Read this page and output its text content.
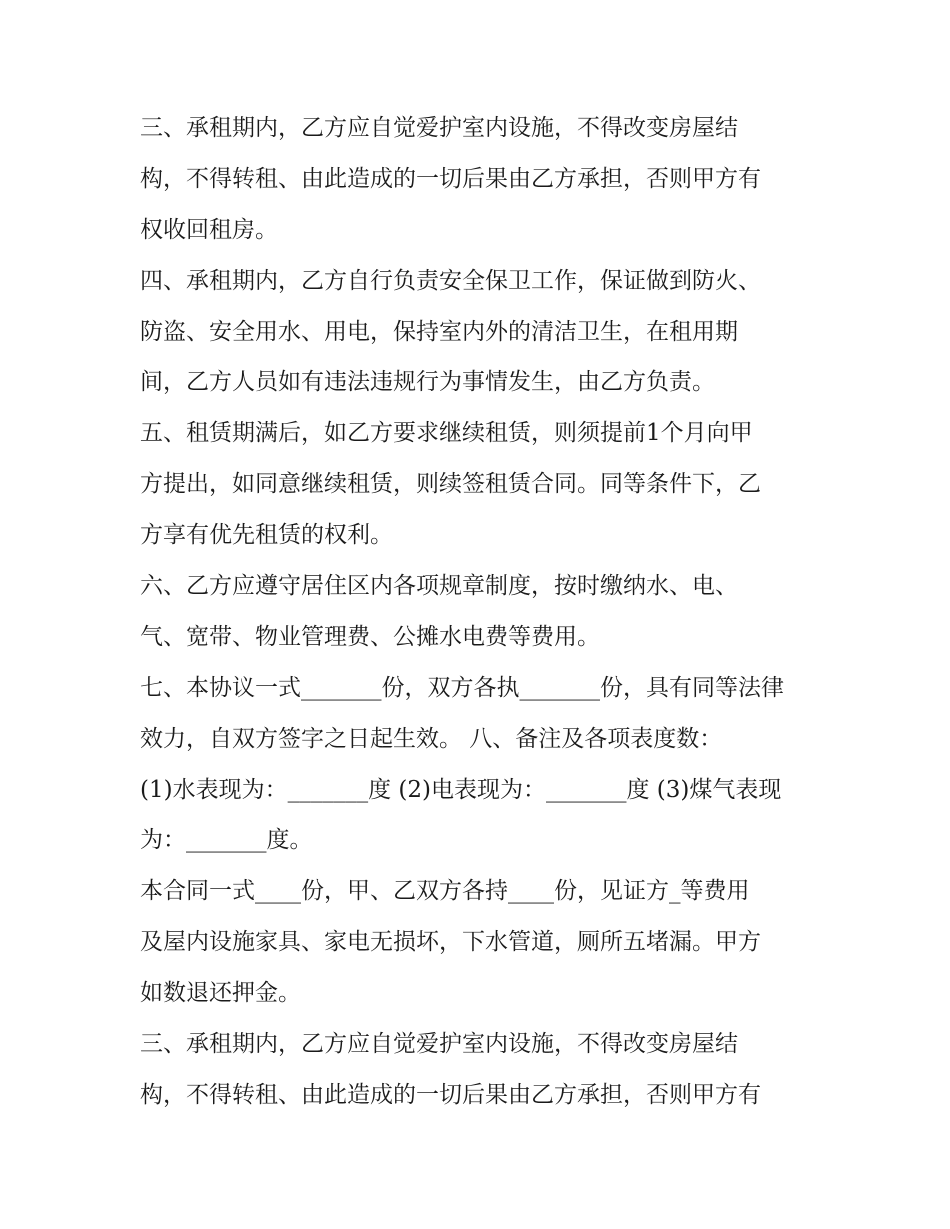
三、承租期内，乙方应自觉爱护室内设施，不得改变房屋结
构，不得转租、由此造成的一切后果由乙方承担，否则甲方有
权收回租房。
四、承租期内，乙方自行负责安全保卫工作，保证做到防火、
防盗、安全用水、用电，保持室内外的清洁卫生，在租用期
间，乙方人员如有违法违规行为事情发生，由乙方负责。
五、租赁期满后，如乙方要求继续租赁，则须提前1个月向甲
方提出，如同意继续租赁，则续签租赁合同。同等条件下，乙
方享有优先租赁的权利。
六、乙方应遵守居住区内各项规章制度，按时缴纳水、电、
气、宽带、物业管理费、公摊水电费等费用。
七、本协议一式_______份，双方各执_______份，具有同等法律
效力，自双方签字之日起生效。 八、备注及各项表度数：
(1)水表现为：_______度 (2)电表现为：_______度 (3)煤气表现
为：_______度。
本合同一式____份，甲、乙双方各持____份，见证方_等费用
及屋内设施家具、家电无损坏，下水管道，厕所五堵漏。甲方
如数退还押金。
三、承租期内，乙方应自觉爱护室内设施，不得改变房屋结
构，不得转租、由此造成的一切后果由乙方承担，否则甲方有
